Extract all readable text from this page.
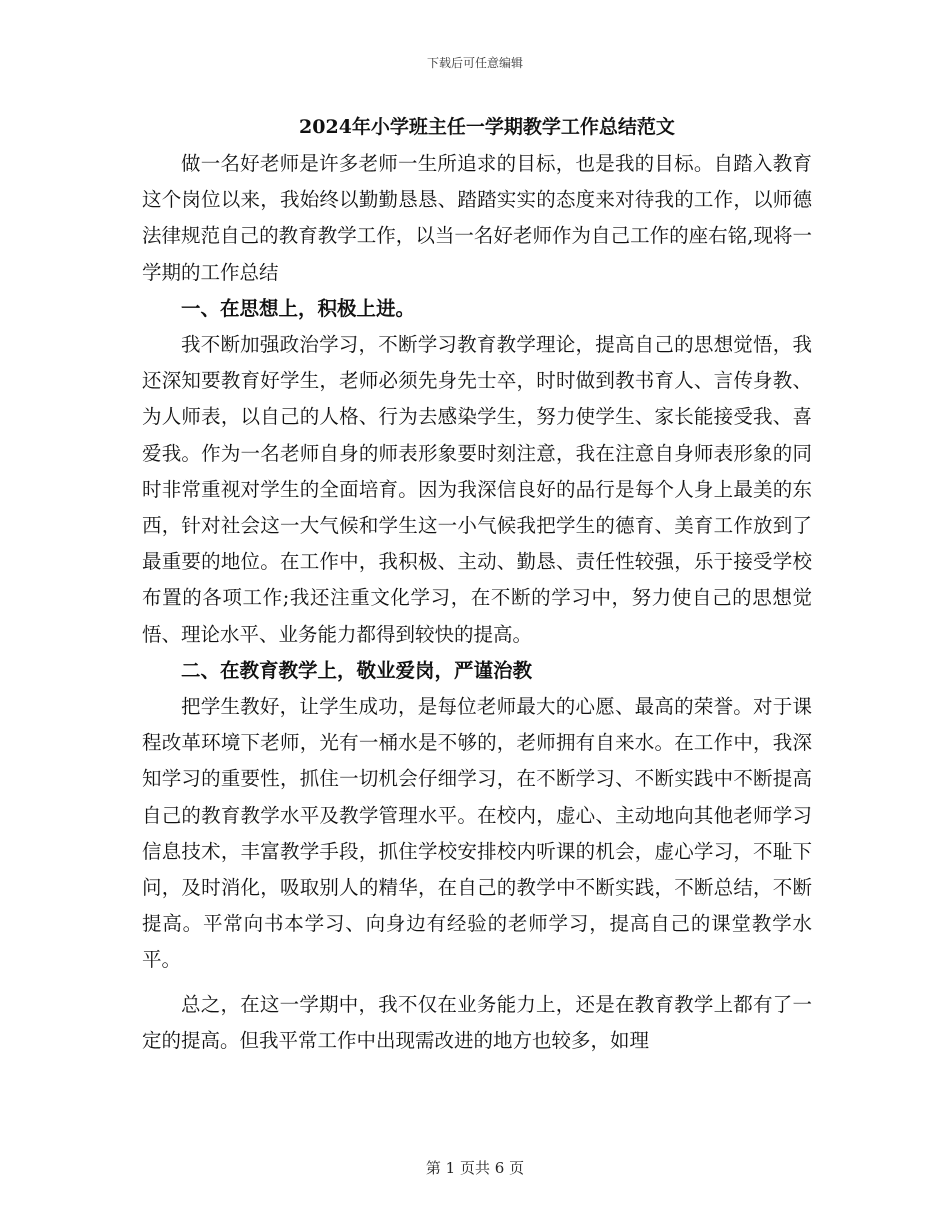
下载后可任意编辑
2024年小学班主任一学期教学工作总结范文

做一名好老师是许多老师一生所追求的目标，也是我的目标。自踏入教育这个岗位以来，我始终以勤勤恳恳、踏踏实实的态度来对待我的工作，以师德法律规范自己的教育教学工作，以当一名好老师作为自己工作的座右铭,现将一学期的工作总结

一、在思想上，积极上进。

我不断加强政治学习，不断学习教育教学理论，提高自己的思想觉悟，我还深知要教育好学生，老师必须先身先士卒，时时做到教书育人、言传身教、为人师表，以自己的人格、行为去感染学生，努力使学生、家长能接受我、喜爱我。作为一名老师自身的师表形象要时刻注意，我在注意自身师表形象的同时非常重视对学生的全面培育。因为我深信良好的品行是每个人身上最美的东西，针对社会这一大气候和学生这一小气候我把学生的德育、美育工作放到了最重要的地位。在工作中，我积极、主动、勤恳、责任性较强，乐于接受学校布置的各项工作;我还注重文化学习，在不断的学习中，努力使自己的思想觉悟、理论水平、业务能力都得到较快的提高。

二、在教育教学上，敬业爱岗，严谨治教

把学生教好，让学生成功，是每位老师最大的心愿、最高的荣誉。对于课程改革环境下老师，光有一桶水是不够的，老师拥有自来水。在工作中，我深知学习的重要性，抓住一切机会仔细学习，在不断学习、不断实践中不断提高自己的教育教学水平及教学管理水平。在校内，虚心、主动地向其他老师学习信息技术，丰富教学手段，抓住学校安排校内听课的机会，虚心学习，不耻下问，及时消化，吸取别人的精华，在自己的教学中不断实践，不断总结，不断提高。平常向书本学习、向身边有经验的老师学习，提高自己的课堂教学水平。

总之，在这一学期中，我不仅在业务能力上，还是在教育教学上都有了一定的提高。但我平常工作中出现需改进的地方也较多，如理

第 1 页共 6 页
